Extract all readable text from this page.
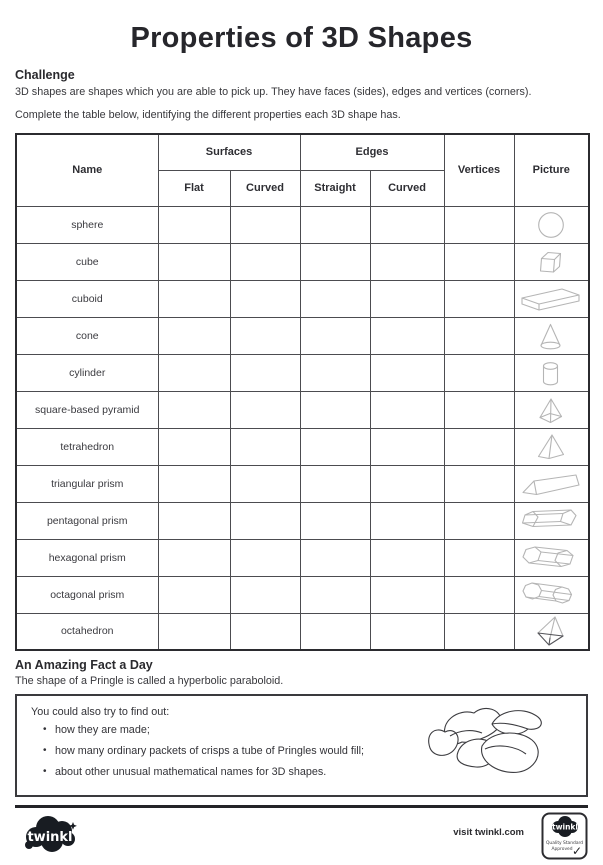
Properties of 3D Shapes
Challenge

3D shapes are shapes which you are able to pick up. They have faces (sides), edges and vertices (corners).

Complete the table below, identifying the different properties each 3D shape has.

Name	Surfaces		Edges		Vertices	Picture
	Flat	Curved	Straight	Curved		
sphere						

cube						

cuboid						

cone						

cylinder						

square-based pyramid						

tetrahedron						

triangular prism						

pentagonal prism						

hexagonal prism						

octagonal prism						

octahedron						
An Amazing Fact a Day

The shape of a Pringle is called a hyperbolic paraboloid.

You could also try to find out:

• how they are made;
• how many ordinary packets of crisps a tube of Pringles would fill;
• about other unusual mathematical names for 3D shapes.
twinkl	visit twinkl.com	twinkl
Quality Standard
Approved ✓
